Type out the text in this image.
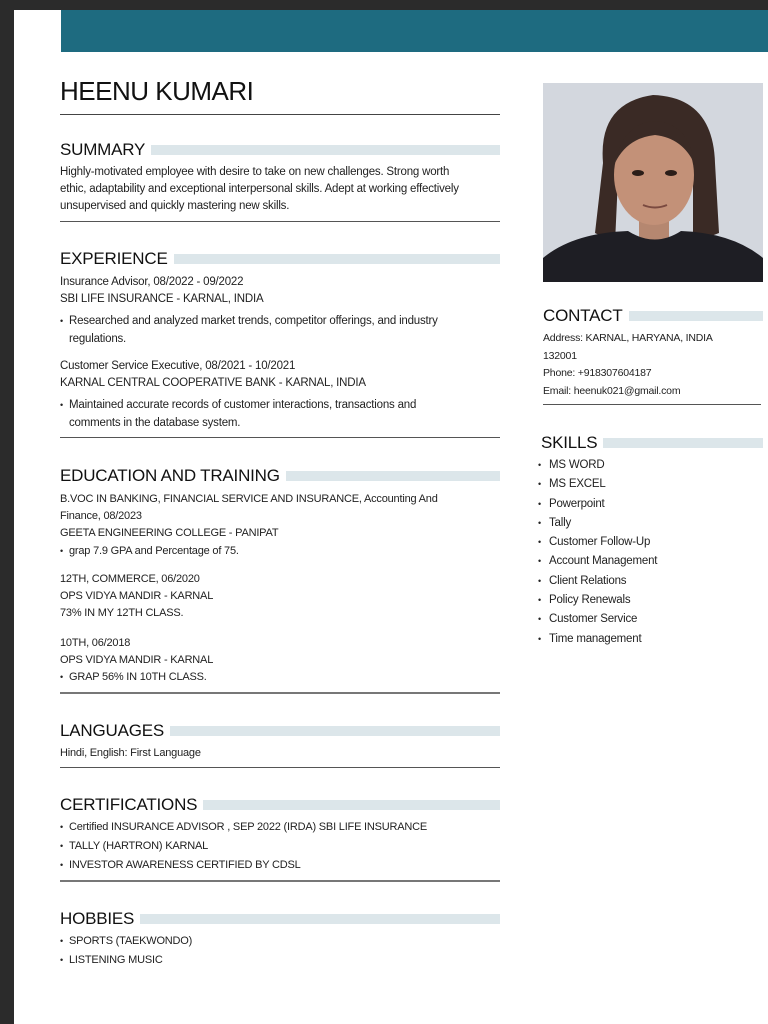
HEENU KUMARI
SUMMARY
Highly-motivated employee with desire to take on new challenges. Strong worth
ethic, adaptability and exceptional interpersonal skills. Adept at working effectively
unsupervised and quickly mastering new skills.
EXPERIENCE
Insurance Advisor, 08/2022 - 09/2022
SBI LIFE INSURANCE - KARNAL, INDIA
• Researched and analyzed market trends, competitor offerings, and industry
regulations.
Customer Service Executive, 08/2021 - 10/2021
KARNAL CENTRAL COOPERATIVE BANK - KARNAL, INDIA
• Maintained accurate records of customer interactions, transactions and
comments in the database system.
EDUCATION AND TRAINING
B.VOC IN BANKING, FINANCIAL SERVICE AND INSURANCE, Accounting And
Finance, 08/2023
GEETA ENGINEERING COLLEGE - PANIPAT
• grap 7.9 GPA and Percentage of 75.
12TH, COMMERCE, 06/2020
OPS VIDYA MANDIR - KARNAL
73% IN MY 12TH CLASS.
10TH, 06/2018
OPS VIDYA MANDIR - KARNAL
• GRAP 56% IN 10TH CLASS.
LANGUAGES
Hindi, English: First Language
CERTIFICATIONS
• Certified INSURANCE ADVISOR , SEP 2022 (IRDA) SBI LIFE INSURANCE
• TALLY (HARTRON) KARNAL
• INVESTOR AWARENESS CERTIFIED BY CDSL
HOBBIES
• SPORTS (TAEKWONDO)
• LISTENING MUSIC
CONTACT
Address: KARNAL, HARYANA, INDIA
132001
Phone: +918307604187
Email: heenuk021@gmail.com
SKILLS
• MS WORD
• MS EXCEL
• Powerpoint
• Tally
• Customer Follow-Up
• Account Management
• Client Relations
• Policy Renewals
• Customer Service
• Time management
